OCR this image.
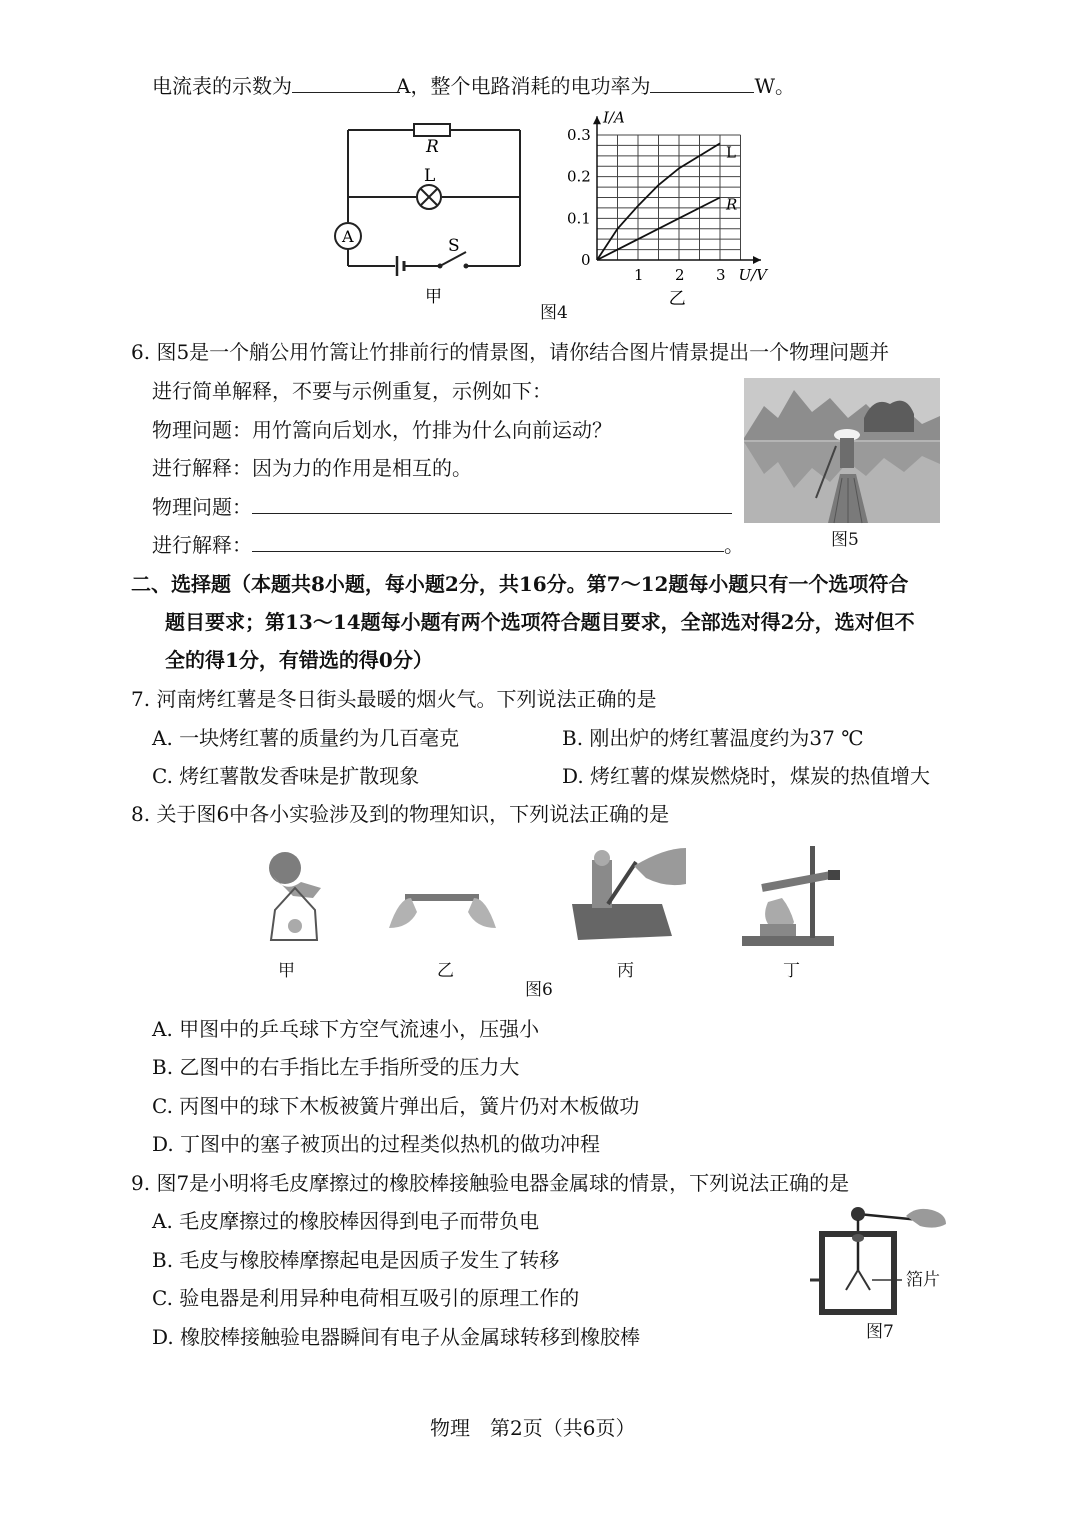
电流表的示数为	A，整个电路消耗的电功率为	W。
R
L
A	S
甲
1 2 3
0.1
0.2
0.3
0
I/A
U/V
L
R
乙
图4
6. 图5是一个艄公用竹篙让竹排前行的情景图，请你结合图片情景提出一个物理问题并
进行简单解释，不要与示例重复，示例如下：
物理问题：用竹篙向后划水，竹排为什么向前运动？
进行解释：因为力的作用是相互的。
物理问题：
进行解释：	。	图5
二、选择题（本题共8小题，每小题2分，共16分。第7～12题每小题只有一个选项符合
题目要求；第13～14题每小题有两个选项符合题目要求，全部选对得2分，选对但不
全的得1分，有错选的得0分）
7. 河南烤红薯是冬日街头最暖的烟火气。下列说法正确的是
A. 一块烤红薯的质量约为几百毫克	B. 刚出炉的烤红薯温度约为37 ℃
C. 烤红薯散发香味是扩散现象	D. 烤红薯的煤炭燃烧时，煤炭的热值增大
8. 关于图6中各小实验涉及到的物理知识，下列说法正确的是
甲	乙	丙	丁
图6
A. 甲图中的乒乓球下方空气流速小，压强小
B. 乙图中的右手指比左手指所受的压力大
C. 丙图中的球下木板被簧片弹出后，簧片仍对木板做功
D. 丁图中的塞子被顶出的过程类似热机的做功冲程
9. 图7是小明将毛皮摩擦过的橡胶棒接触验电器金属球的情景，下列说法正确的是
A. 毛皮摩擦过的橡胶棒因得到电子而带负电
B. 毛皮与橡胶棒摩擦起电是因质子发生了转移
C. 验电器是利用异种电荷相互吸引的原理工作的
D. 橡胶棒接触验电器瞬间有电子从金属球转移到橡胶棒
箔片
图7
物理　第2页（共6页）
